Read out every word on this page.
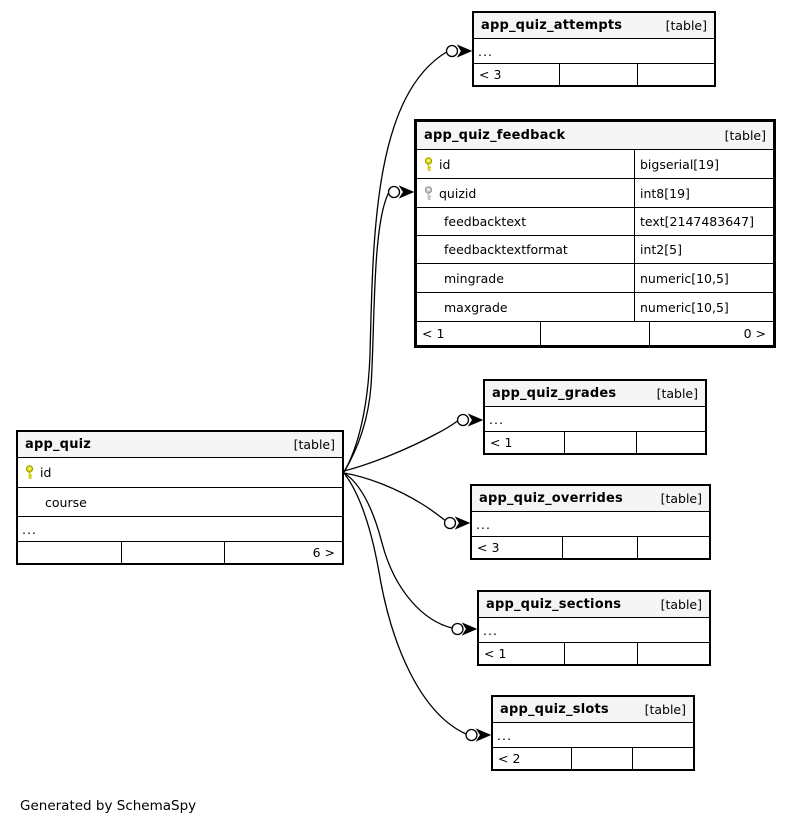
app_quiz	[table]
id
course
...
6 >
app_quiz_attempts	[table]
...
< 3
app_quiz_feedback	[table]
id	bigserial[19]
quizid	int8[19]
feedbacktext	text[2147483647]
feedbacktextformat	int2[5]
mingrade	numeric[10,5]
maxgrade	numeric[10,5]
< 1	0 >
app_quiz_grades	[table]
...
< 1
app_quiz_overrides	[table]
...
< 3
app_quiz_sections	[table]
...
< 1
app_quiz_slots	[table]
...
< 2
Generated by SchemaSpy
